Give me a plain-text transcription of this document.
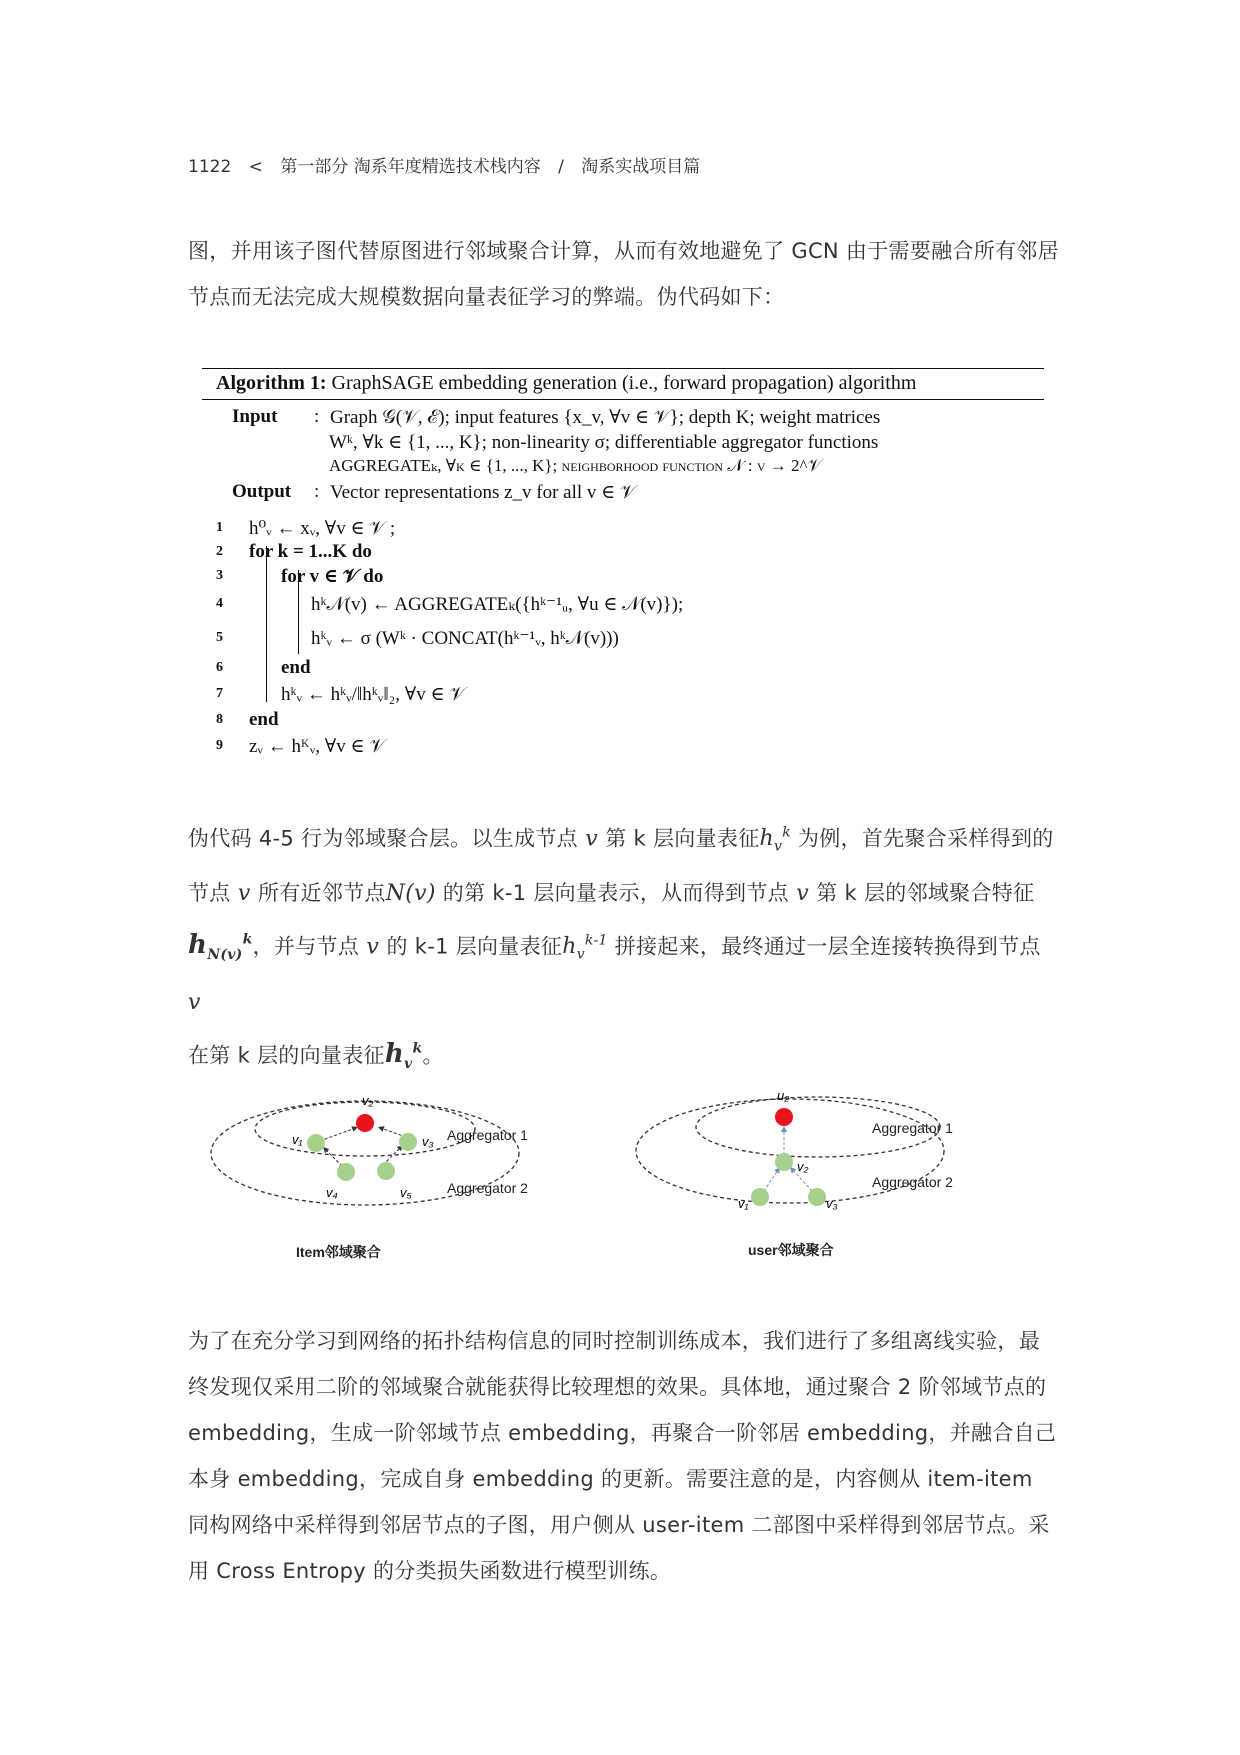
1122 < 第一部分 淘系年度精选技术栈内容 / 淘系实战项目篇
图，并用该子图代替原图进行邻域聚合计算，从而有效地避免了 GCN 由于需要融合所有邻居节点而无法完成大规模数据向量表征学习的弊端。伪代码如下：
Algorithm 1: GraphSAGE embedding generation (i.e., forward propagation) algorithm
Input	: Graph 𝒢(𝒱, ℰ); input features {x_v, ∀v ∈ 𝒱}; depth K; weight matrices
Wᵏ, ∀k ∈ {1, ..., K}; non-linearity σ; differentiable aggregator functions
AGGREGATEₖ, ∀k ∈ {1, ..., K}; neighborhood function 𝒩 : v → 2^𝒱
Output	: Vector representations z_v for all v ∈ 𝒱
1	h⁰ᵥ ← xᵥ, ∀v ∈ 𝒱 ;
2	for k = 1...K do
3	for v ∈ 𝒱 do
4	hᵏ𝒩(v) ← AGGREGATEₖ({hᵏ⁻¹ᵤ, ∀u ∈ 𝒩(v)});
5	hᵏᵥ ← σ (Wᵏ · CONCAT(hᵏ⁻¹ᵥ, hᵏ𝒩(v)))
6	end
7	hᵏᵥ ← hᵏᵥ/‖hᵏᵥ‖₂, ∀v ∈ 𝒱
8	end
9	zᵥ ← hᴷᵥ, ∀v ∈ 𝒱
伪代码 4-5 行为邻域聚合层。以生成节点 v 第 k 层向量表征$h_v^k$ 为例，首先聚合采样得到的节点 v 所有近邻节点N(v) 的第 k-1 层向量表示，从而得到节点 v 第 k 层的邻域聚合特征
$h_{N(v)}^k$，并与节点 v 的 k-1 层向量表征$h_v^{k-1}$ 拼接起来，最终通过一层全连接转换得到节点 v
在第 k 层的向量表征$h_v^k$。
v₂
v₁	v₃
v₄	v₅
Aggregator 1
Aggregator 2
Item邻域聚合
u₂
v₂
v₁	v₃
Aggregator 1
Aggregator 2
user邻域聚合
为了在充分学习到网络的拓扑结构信息的同时控制训练成本，我们进行了多组离线实验，最终发现仅采用二阶的邻域聚合就能获得比较理想的效果。具体地，通过聚合 2 阶邻域节点的 embedding，生成一阶邻域节点 embedding，再聚合一阶邻居 embedding，并融合自己本身 embedding，完成自身 embedding 的更新。需要注意的是，内容侧从 item-item 同构网络中采样得到邻居节点的子图，用户侧从 user-item 二部图中采样得到邻居节点。采用 Cross Entropy 的分类损失函数进行模型训练。
